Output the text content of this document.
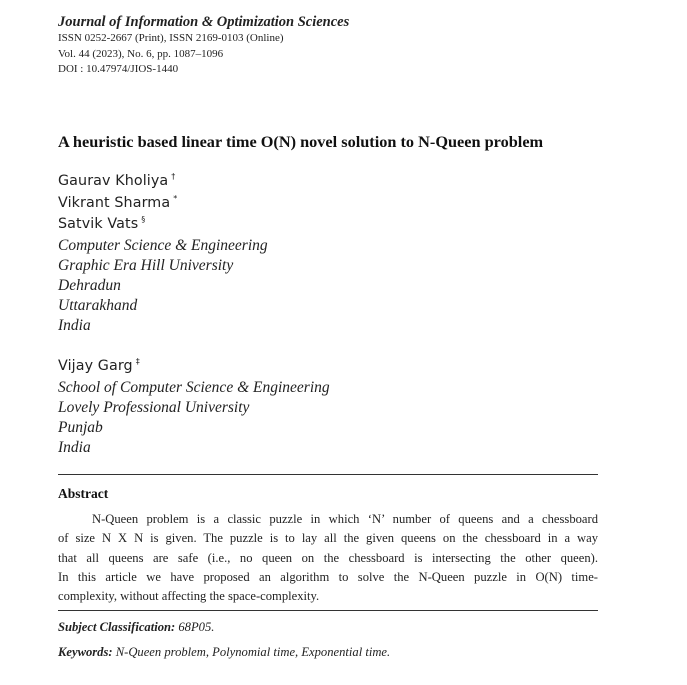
Journal of Information & Optimization Sciences
ISSN 0252-2667 (Print), ISSN 2169-0103 (Online)
Vol. 44 (2023), No. 6, pp. 1087–1096
DOI : 10.47974/JIOS-1440
A heuristic based linear time O(N) novel solution to N-Queen problem
Gaurav Kholiya †
Vikrant Sharma *
Satvik Vats §
Computer Science & Engineering
Graphic Era Hill University
Dehradun
Uttarakhand
India
Vijay Garg ‡
School of Computer Science & Engineering
Lovely Professional University
Punjab
India
Abstract
N-Queen problem is a classic puzzle in which ‘N’ number of queens and a chessboard
of size N X N is given. The puzzle is to lay all the given queens on the chessboard in a way
that all queens are safe (i.e., no queen on the chessboard is intersecting the other queen).
In this article we have proposed an algorithm to solve the N-Queen puzzle in O(N) time-
complexity, without affecting the space-complexity.
Subject Classification: 68P05.
Keywords: N-Queen problem, Polynomial time, Exponential time.
